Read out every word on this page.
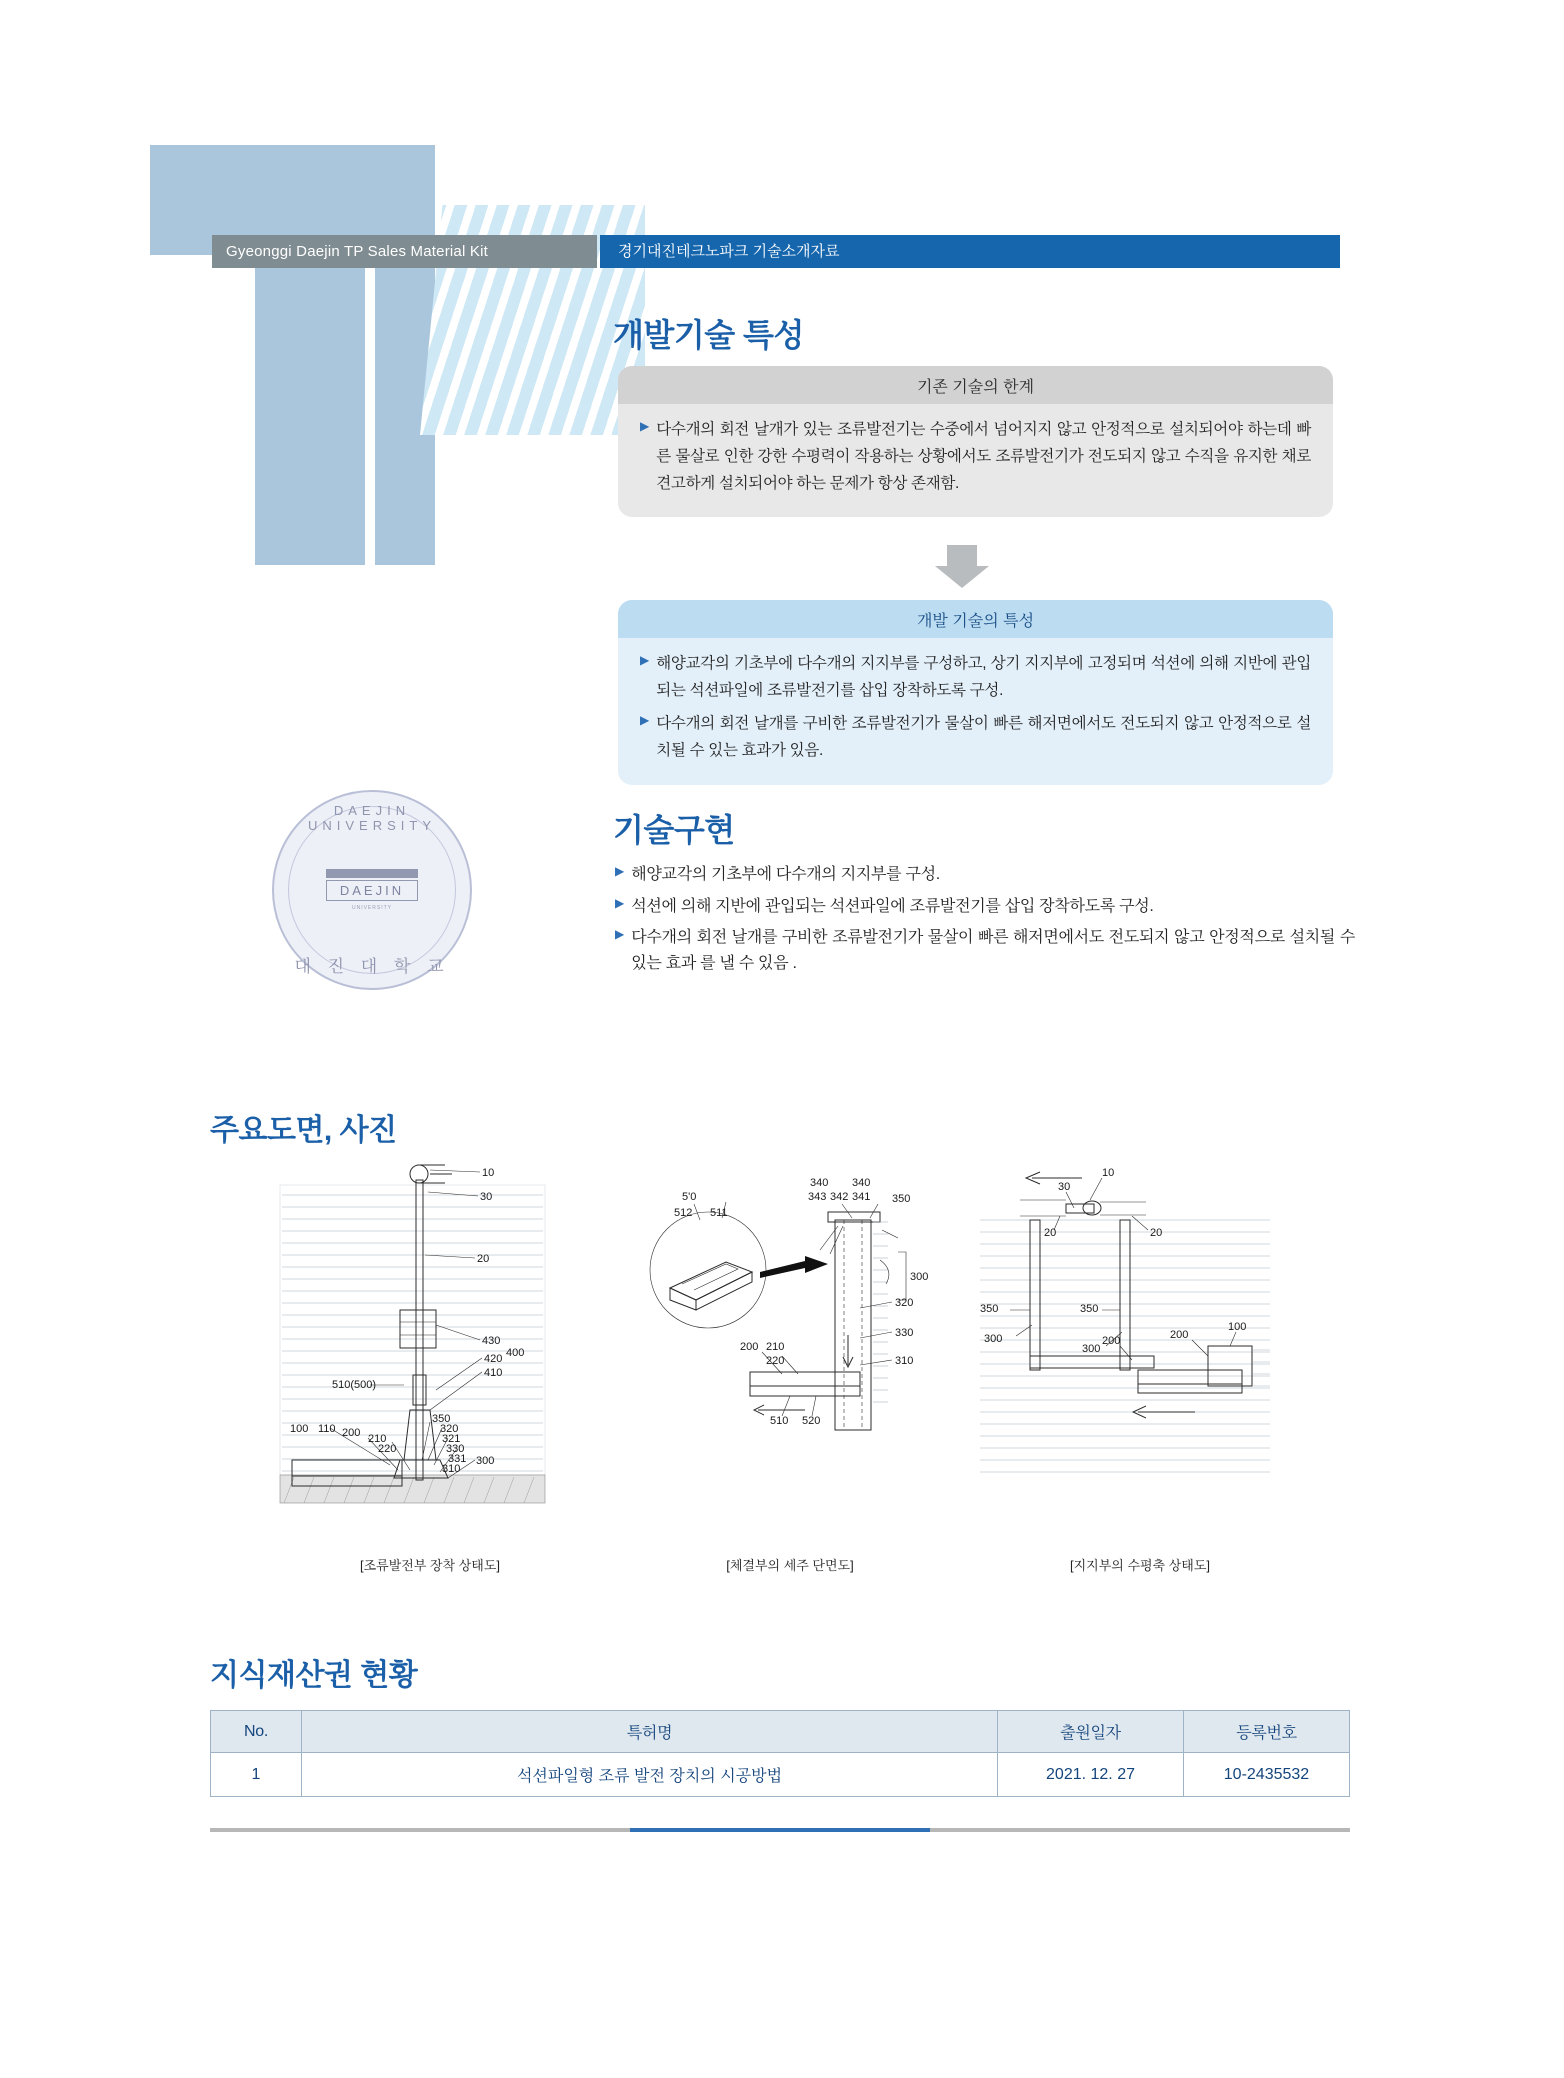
Gyeonggi Daejin TP Sales Material Kit	경기대진테크노파크 기술소개자료
개발기술 특성
기존 기술의 한계
▶ 다수개의 회전 날개가 있는 조류발전기는 수중에서 넘어지지 않고 안정적으로 설치되어야 하는데 빠른 물살로 인한 강한 수평력이 작용하는 상황에서도 조류발전기가 전도되지 않고 수직을 유지한 채로 견고하게 설치되어야 하는 문제가 항상 존재함.
개발 기술의 특성
▶ 해양교각의 기초부에 다수개의 지지부를 구성하고, 상기 지지부에 고정되며 석션에 의해 지반에 관입되는 석션파일에 조류발전기를 삽입 장착하도록 구성.
▶ 다수개의 회전 날개를 구비한 조류발전기가 물살이 빠른 해저면에서도 전도되지 않고 안정적으로 설치될 수 있는 효과가 있음.
기술구현
▶ 해양교각의 기초부에 다수개의 지지부를 구성.
▶ 석션에 의해 지반에 관입되는 석션파일에 조류발전기를 삽입 장착하도록 구성.
▶ 다수개의 회전 날개를 구비한 조류발전기가 물살이 빠른 해저면에서도 전도되지 않고 안정적으로 설치될 수 있는 효과 를 낼 수 있음 .
DAEJIN UNIVERSITY
DAEJIN
UNIVERSITY
대 진 대 학 교
주요도면, 사진
10
30
20
430
420
410
400
510(500)
100 110 200 210
220
350
320
321
330
331
310
300
[조류발전부 장착 상태도]
5'0
512 511
343 342 341
340 340
350
300
320
330
310
200 210
220
510 520
[체결부의 세주 단면도]
10
30
20	20
350
300
350
300
200	200
100
[지지부의 수평축 상태도]
지식재산권 현황
No.	특허명	출원일자	등록번호
1	석션파일형 조류 발전 장치의 시공방법	2021. 12. 27	10-2435532
